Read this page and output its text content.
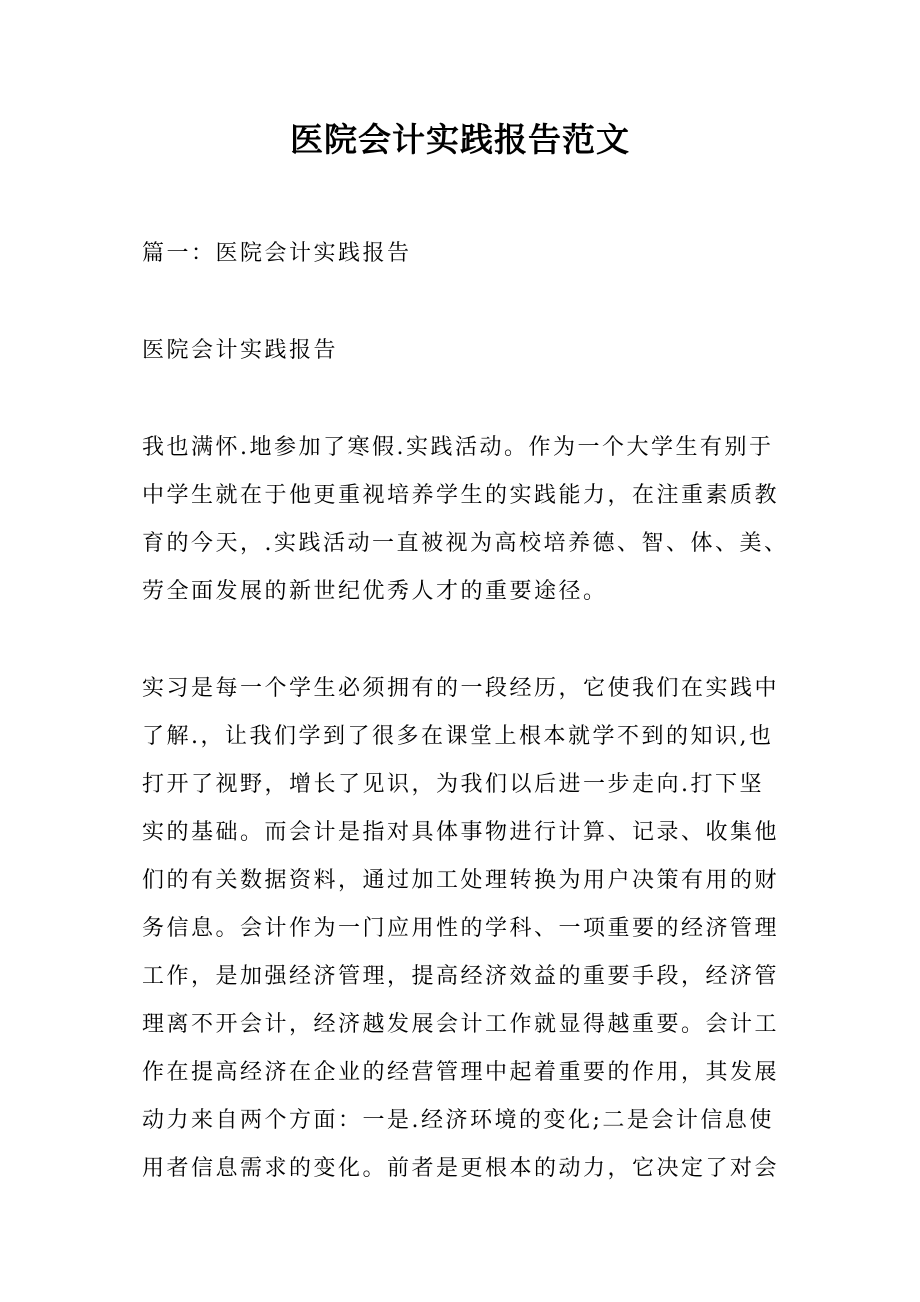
医院会计实践报告范文
篇一：医院会计实践报告
医院会计实践报告
我也满怀.地参加了寒假.实践活动。作为一个大学生有别于
中学生就在于他更重视培养学生的实践能力，在注重素质教
育的今天，.实践活动一直被视为高校培养德、智、体、美、
劳全面发展的新世纪优秀人才的重要途径。
实习是每一个学生必须拥有的一段经历，它使我们在实践中
了解.，让我们学到了很多在课堂上根本就学不到的知识,也
打开了视野，增长了见识，为我们以后进一步走向.打下坚
实的基础。而会计是指对具体事物进行计算、记录、收集他
们的有关数据资料，通过加工处理转换为用户决策有用的财
务信息。会计作为一门应用性的学科、一项重要的经济管理
工作，是加强经济管理，提高经济效益的重要手段，经济管
理离不开会计，经济越发展会计工作就显得越重要。会计工
作在提高经济在企业的经营管理中起着重要的作用，其发展
动力来自两个方面：一是.经济环境的变化;二是会计信息使
用者信息需求的变化。前者是更根本的动力，它决定了对会
